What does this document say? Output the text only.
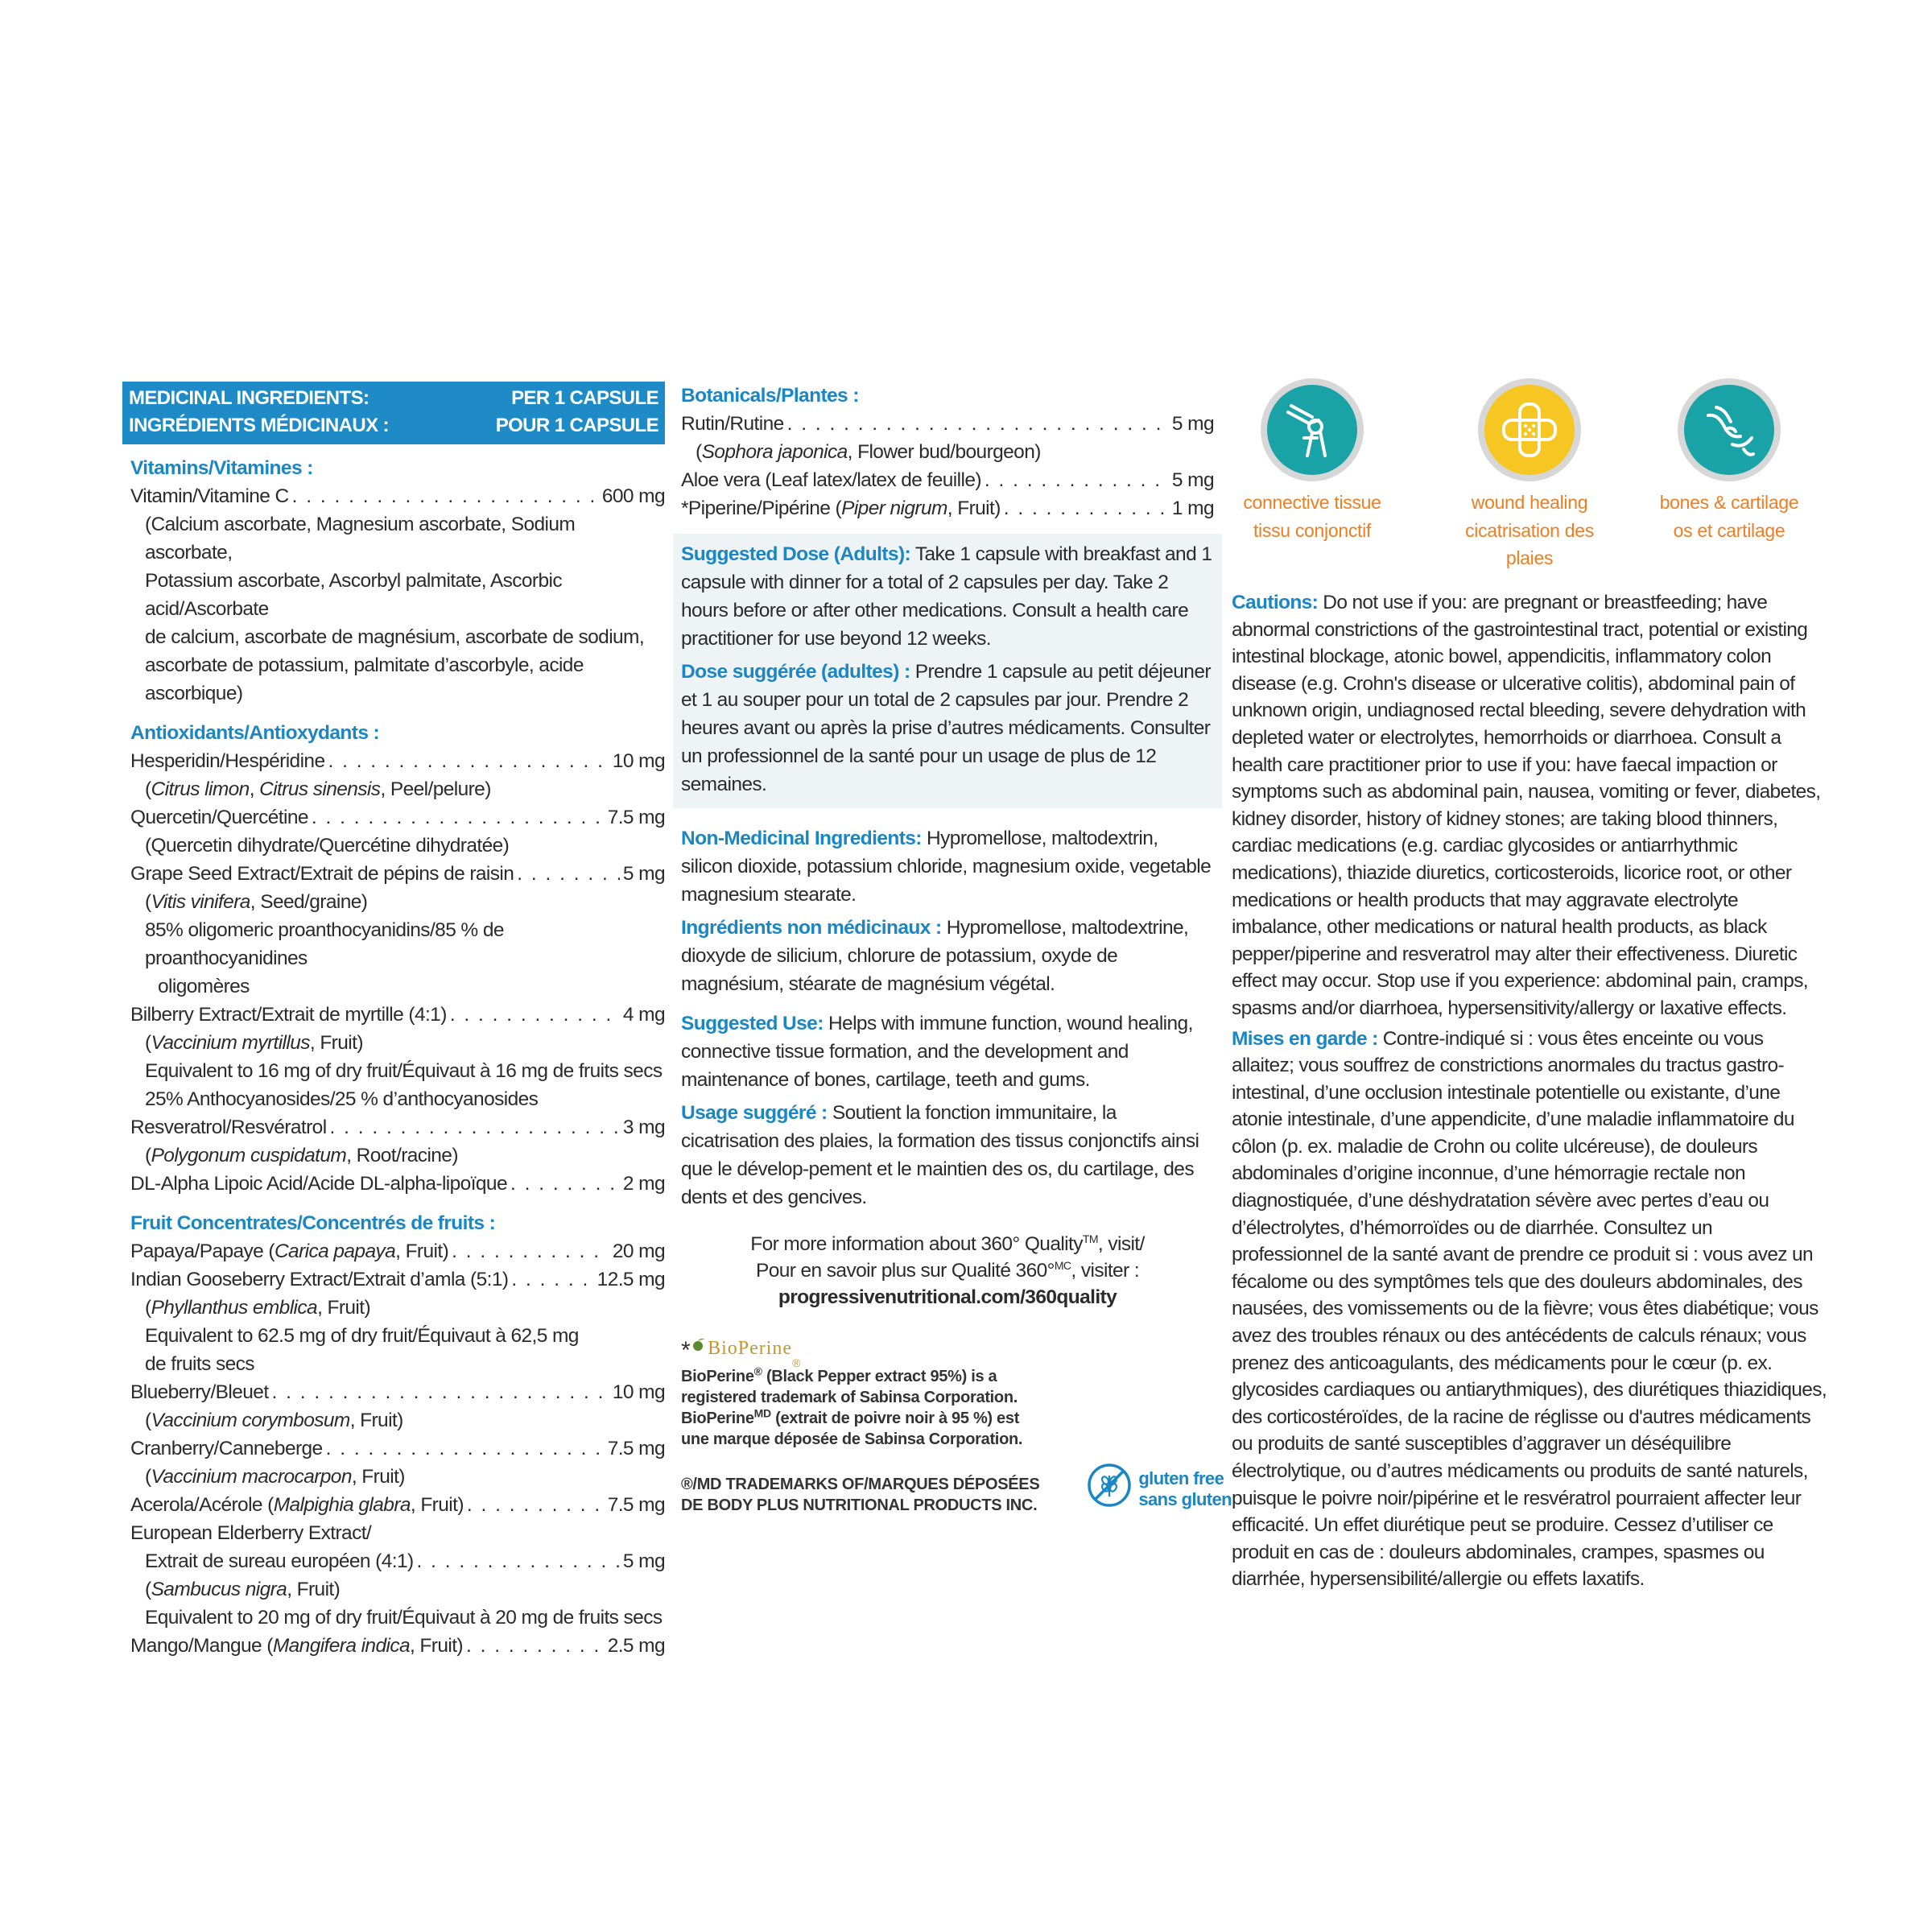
MEDICINAL INGREDIENTS:	PER 1 CAPSULE
INGRÉDIENTS MÉDICINAUX :	POUR 1 CAPSULE
Vitamins/Vitamines :
Vitamin/Vitamine C . . .	600 mg
(Calcium ascorbate, Magnesium ascorbate, Sodium ascorbate,
Potassium ascorbate, Ascorbyl palmitate, Ascorbic acid/Ascorbate
de calcium, ascorbate de magnésium, ascorbate de sodium,
ascorbate de potassium, palmitate d’ascorbyle, acide ascorbique)
Antioxidants/Antioxydants :
Hesperidin/Hespéridine . . .	10 mg
(Citrus limon, Citrus sinensis, Peel/pelure)
Quercetin/Quercétine . . .	7.5 mg
(Quercetin dihydrate/Quercétine dihydratée)
Grape Seed Extract/Extrait de pépins de raisin . . .	5 mg
(Vitis vinifera, Seed/graine)
85% oligomeric proanthocyanidins/85 % de proanthocyanidines
oligomères
Bilberry Extract/Extrait de myrtille (4:1) . . .	4 mg
(Vaccinium myrtillus, Fruit)
Equivalent to 16 mg of dry fruit/Équivaut à 16 mg de fruits secs
25% Anthocyanosides/25 % d’anthocyanosides
Resveratrol/Resvératrol . . .	3 mg
(Polygonum cuspidatum, Root/racine)
DL-Alpha Lipoic Acid/Acide DL-alpha-lipoïque . . .	2 mg
Fruit Concentrates/Concentrés de fruits :
Papaya/Papaye (Carica papaya, Fruit) . . .	20 mg
Indian Gooseberry Extract/Extrait d’amla (5:1) . . .	12.5 mg
(Phyllanthus emblica, Fruit)
Equivalent to 62.5 mg of dry fruit/Équivaut à 62,5 mg
de fruits secs
Blueberry/Bleuet . . .	10 mg
(Vaccinium corymbosum, Fruit)
Cranberry/Canneberge . . .	7.5 mg
(Vaccinium macrocarpon, Fruit)
Acerola/Acérole (Malpighia glabra, Fruit) . . .	7.5 mg
European Elderberry Extract/
Extrait de sureau européen (4:1) . . .	5 mg
(Sambucus nigra, Fruit)
Equivalent to 20 mg of dry fruit/Équivaut à 20 mg de fruits secs
Mango/Mangue (Mangifera indica, Fruit) . . .	2.5 mg
Botanicals/Plantes :
Rutin/Rutine . . .	5 mg
(Sophora japonica, Flower bud/bourgeon)
Aloe vera (Leaf latex/latex de feuille) . . .	5 mg
*Piperine/Pipérine (Piper nigrum, Fruit) . . .	1 mg
Suggested Dose (Adults): Take 1 capsule with breakfast and 1 capsule with dinner for a total of 2 capsules per day. Take 2 hours before or after other medications. Consult a health care practitioner for use beyond 12 weeks.
Dose suggérée (adultes) : Prendre 1 capsule au petit déjeuner et 1 au souper pour un total de 2 capsules par jour. Prendre 2 heures avant ou après la prise d’autres médicaments. Consulter un professionnel de la santé pour un usage de plus de 12 semaines.
Non-Medicinal Ingredients: Hypromellose, maltodextrin, silicon dioxide, potassium chloride, magnesium oxide, vegetable magnesium stearate.
Ingrédients non médicinaux : Hypromellose, maltodextrine, dioxyde de silicium, chlorure de potassium, oxyde de magnésium, stéarate de magnésium végétal.
Suggested Use: Helps with immune function, wound healing, connective tissue formation, and the development and maintenance of bones, cartilage, teeth and gums.
Usage suggéré : Soutient la fonction immunitaire, la cicatrisation des plaies, la formation des tissus conjonctifs ainsi que le dévelop-pement et le maintien des os, du cartilage, des dents et des gencives.
For more information about 360° Quality™, visit/
Pour en savoir plus sur Qualité 360°$^{MC}$, visiter :
progressivenutritional.com/360quality
* BioPerine
®
BioPerine® (Black Pepper extract 95%) is a
registered trademark of Sabinsa Corporation.
BioPerine$^{MD}$ (extrait de poivre noir à 95 %) est
une marque déposée de Sabinsa Corporation.
®/MD TRADEMARKS OF/MARQUES DÉPOSÉES
DE BODY PLUS NUTRITIONAL PRODUCTS INC.
gluten free
sans gluten
connective tissue
tissu conjonctif
wound healing
cicatrisation des plaies
bones & cartilage
os et cartilage
Cautions: Do not use if you: are pregnant or breastfeeding; have abnormal constrictions of the gastrointestinal tract, potential or existing intestinal blockage, atonic bowel, appendicitis, inflammatory colon disease (e.g. Crohn's disease or ulcerative colitis), abdominal pain of unknown origin, undiagnosed rectal bleeding, severe dehydration with depleted water or electrolytes, hemorrhoids or diarrhoea. Consult a health care practitioner prior to use if you: have faecal impaction or symptoms such as abdominal pain, nausea, vomiting or fever, diabetes, kidney disorder, history of kidney stones; are taking blood thinners, cardiac medications (e.g. cardiac glycosides or antiarrhythmic medications), thiazide diuretics, corticosteroids, licorice root, or other medications or health products that may aggravate electrolyte imbalance, other medications or natural health products, as black pepper/piperine and resveratrol may alter their effectiveness. Diuretic effect may occur. Stop use if you experience: abdominal pain, cramps, spasms and/or diarrhoea, hypersensitivity/allergy or laxative effects.
Mises en garde : Contre-indiqué si : vous êtes enceinte ou vous allaitez; vous souffrez de constrictions anormales du tractus gastro-intestinal, d’une occlusion intestinale potentielle ou existante, d’une atonie intestinale, d’une appendicite, d’une maladie inflammatoire du côlon (p. ex. maladie de Crohn ou colite ulcéreuse), de douleurs abdominales d’origine inconnue, d’une hémorragie rectale non diagnostiquée, d’une déshydratation sévère avec pertes d’eau ou d’électrolytes, d’hémorroïdes ou de diarrhée. Consultez un professionnel de la santé avant de prendre ce produit si : vous avez un fécalome ou des symptômes tels que des douleurs abdominales, des nausées, des vomissements ou de la fièvre; vous êtes diabétique; vous avez des troubles rénaux ou des antécédents de calculs rénaux; vous prenez des anticoagulants, des médicaments pour le cœur (p. ex. glycosides cardiaques ou antiarythmiques), des diurétiques thiazidiques, des corticostéroïdes, de la racine de réglisse ou d'autres médicaments ou produits de santé susceptibles d’aggraver un déséquilibre électrolytique, ou d’autres médicaments ou produits de santé naturels, puisque le poivre noir/pipérine et le resvératrol pourraient affecter leur efficacité. Un effet diurétique peut se produire. Cessez d’utiliser ce produit en cas de : douleurs abdominales, crampes, spasmes ou diarrhée, hypersensibilité/allergie ou effets laxatifs.
